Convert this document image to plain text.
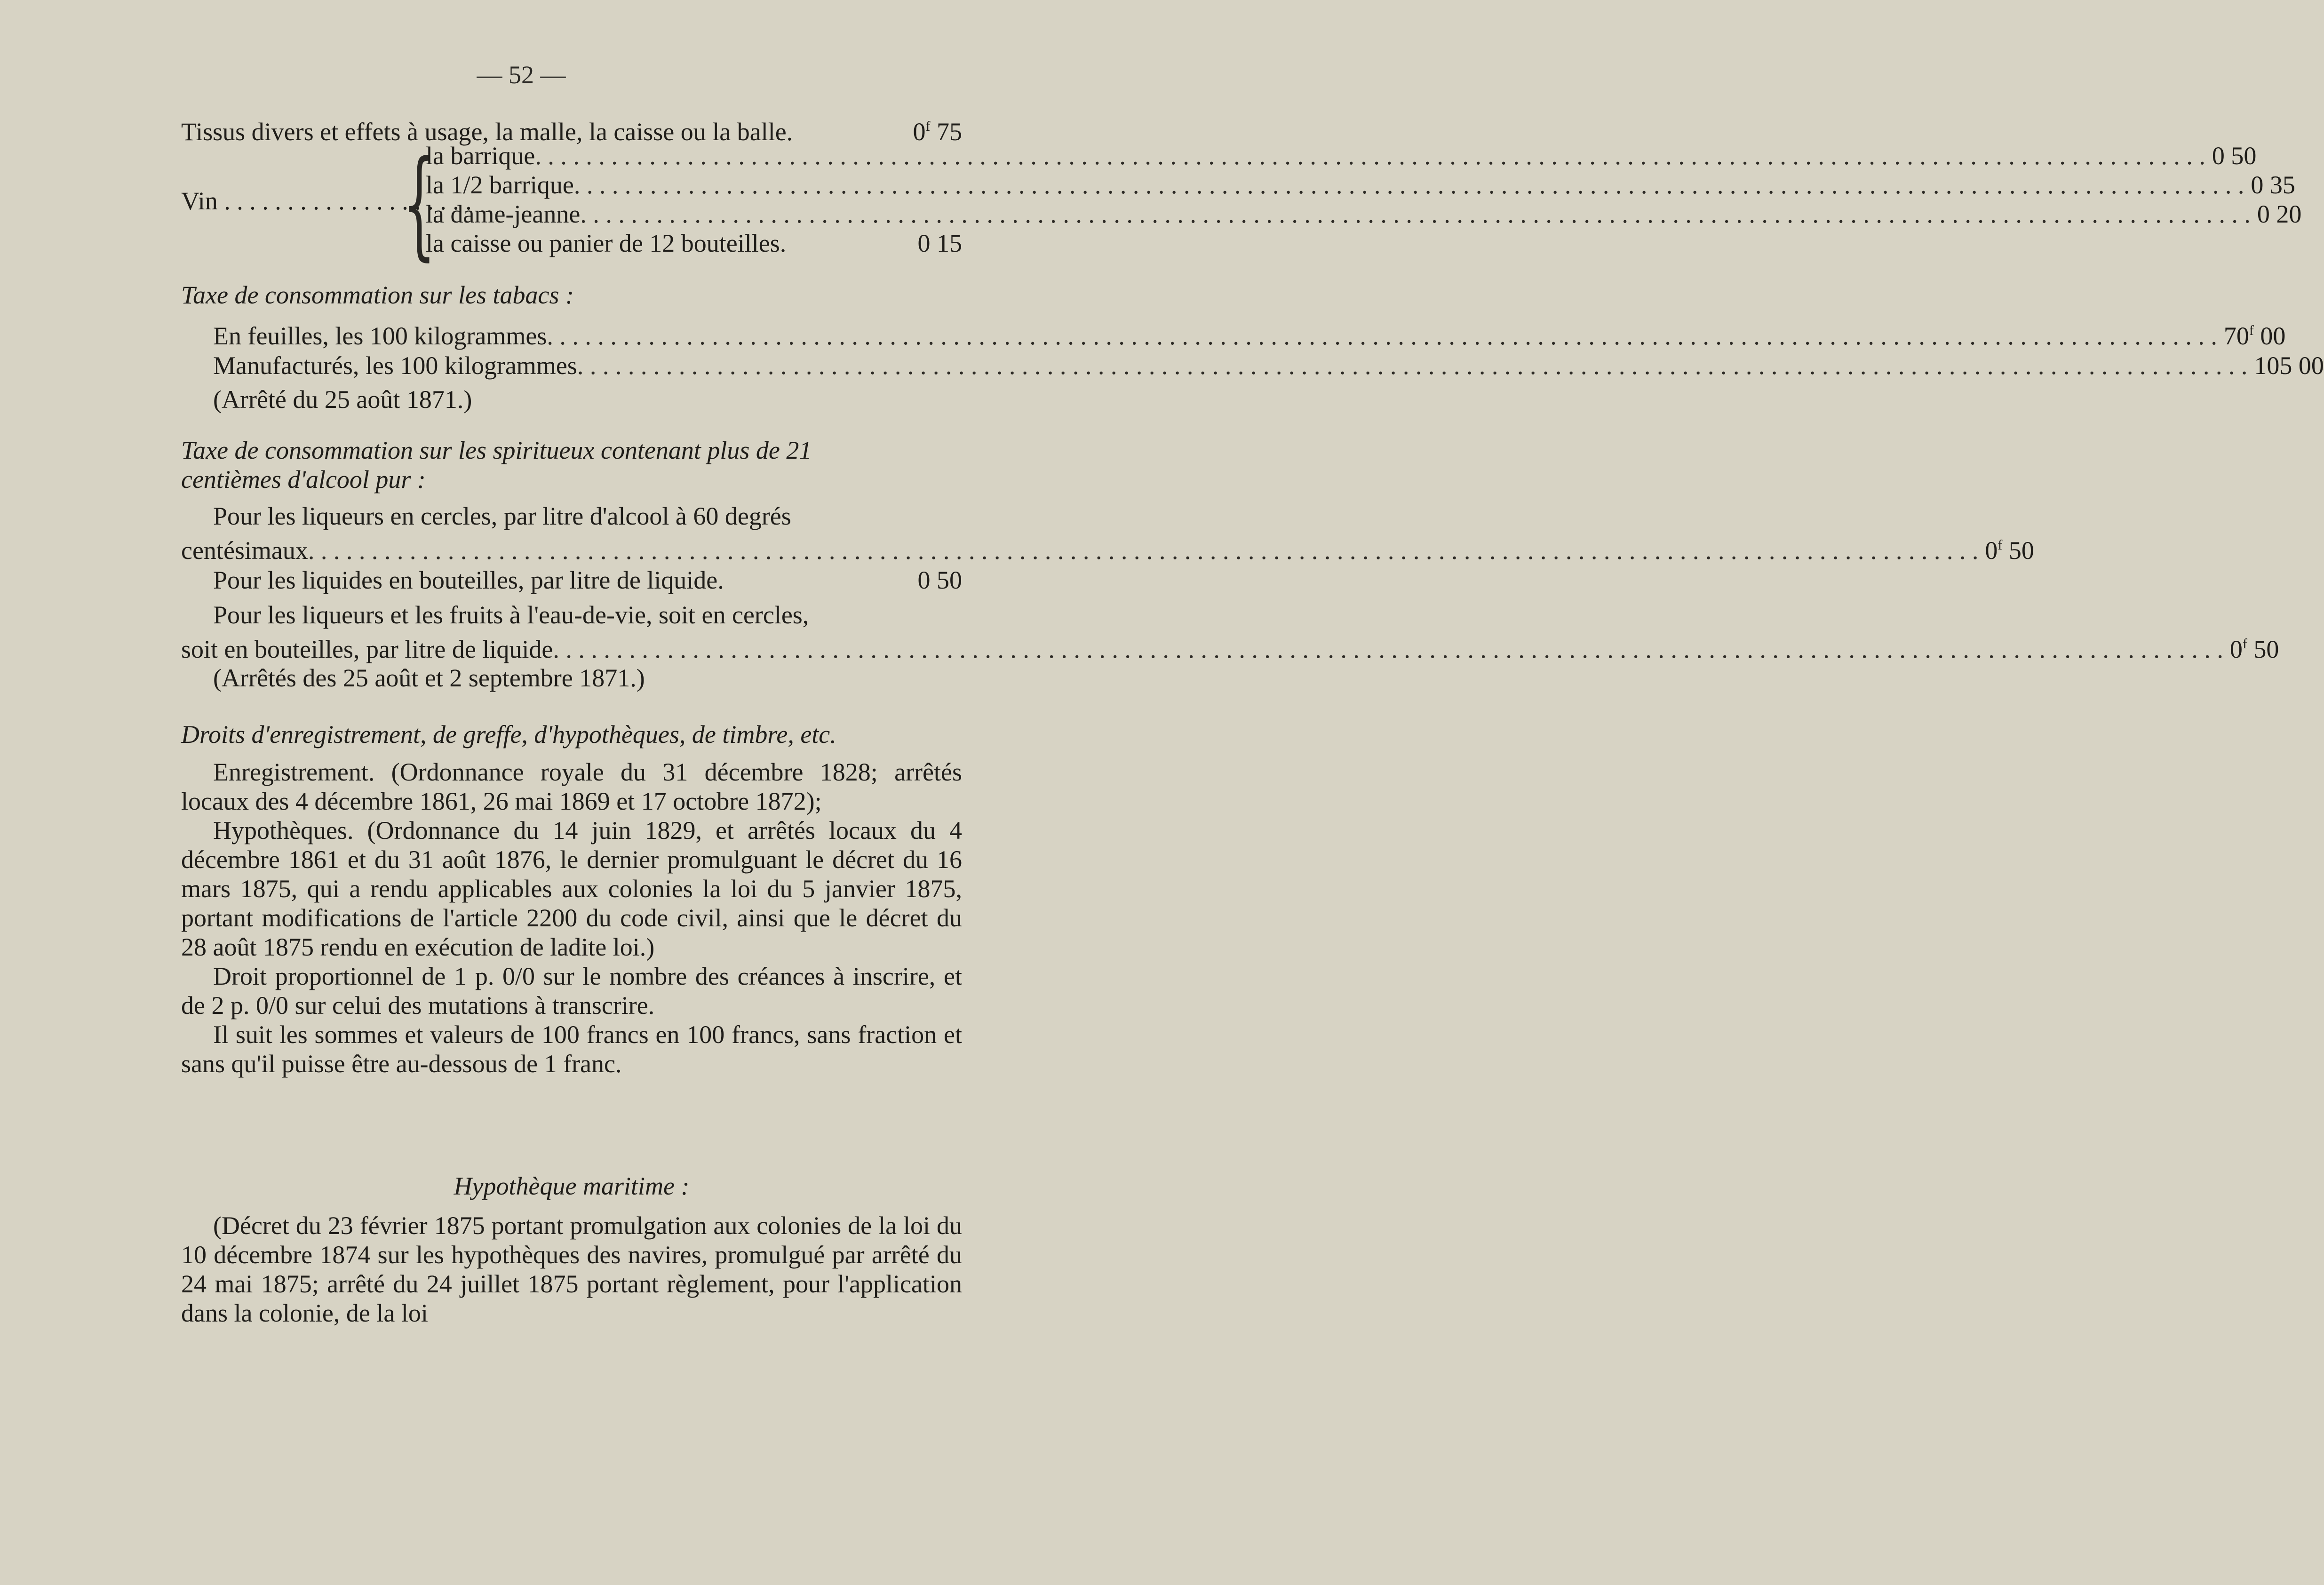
— 52 —
Tissus divers et effets à usage, la malle, la caisse ou la balle.	0$^f$ 75
Vin . . . . . . . . . . . . . . . . . . . .
{
la barrique . . .	0 50
la 1/2 barrique . . .	0 35
la dame-jeanne . . .	0 20
la caisse ou panier de 12 bouteilles.	0 15
Taxe de consommation sur les tabacs :
En feuilles, les 100 kilogrammes . . .	70$^f$ 00
Manufacturés, les 100 kilogrammes . . .	105 00
(Arrêté du 25 août 1871.)
Taxe de consommation sur les spiritueux contenant plus de 21
centièmes d'alcool pur :
Pour les liqueurs en cercles, par litre d'alcool à 60 degrés
centésimaux . . .	0$^f$ 50
Pour les liquides en bouteilles, par litre de liquide.	0 50
Pour les liqueurs et les fruits à l'eau-de-vie, soit en cercles,
soit en bouteilles, par litre de liquide . . .	0$^f$ 50
(Arrêtés des 25 août et 2 septembre 1871.)
Droits d'enregistrement, de greffe, d'hypothèques, de timbre, etc.

Enregistrement. (Ordonnance royale du 31 décembre 1828; arrêtés locaux des 4 décembre 1861, 26 mai 1869 et 17 octobre 1872);

Hypothèques. (Ordonnance du 14 juin 1829, et arrêtés locaux du 4 décembre 1861 et du 31 août 1876, le dernier promulguant le décret du 16 mars 1875, qui a rendu applicables aux colonies la loi du 5 janvier 1875, portant modifications de l'article 2200 du code civil, ainsi que le décret du 28 août 1875 rendu en exécution de ladite loi.)

Droit proportionnel de 1 p. 0/0 sur le nombre des créances à inscrire, et de 2 p. 0/0 sur celui des mutations à transcrire.

Il suit les sommes et valeurs de 100 francs en 100 francs, sans fraction et sans qu'il puisse être au-dessous de 1 franc.

Hypothèque maritime :

(Décret du 23 février 1875 portant promulgation aux colonies de la loi du 10 décembre 1874 sur les hypothèques des navires, promulgué par arrêté du 24 mai 1875; arrêté du 24 juillet 1875 portant règlement, pour l'application dans la colonie, de la loi
